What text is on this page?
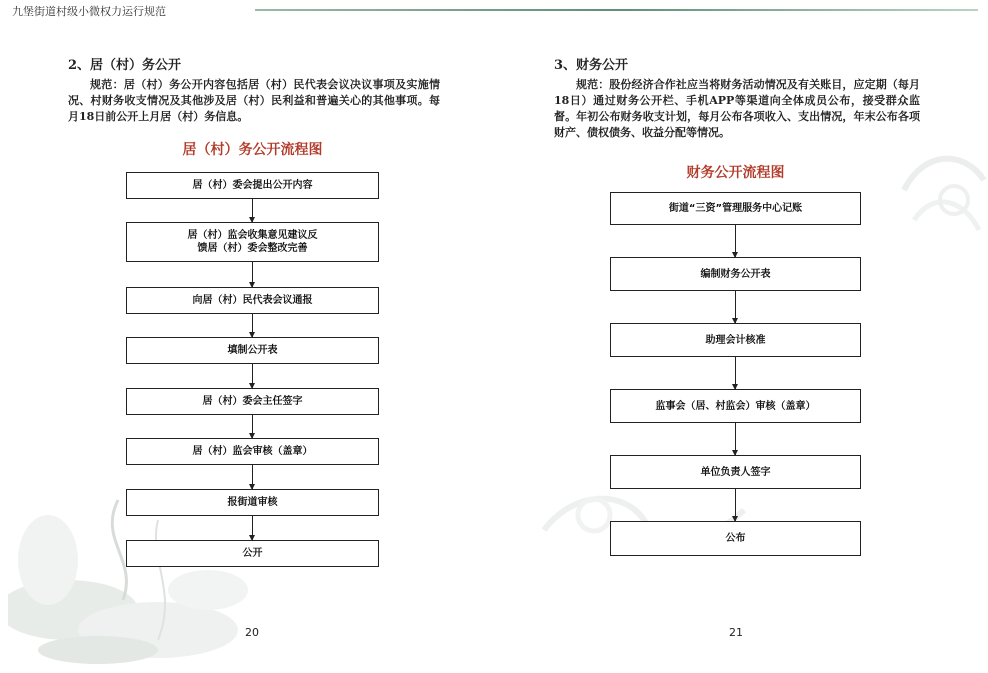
九堡街道村级小微权力运行规范
2、居（村）务公开
规范：居（村）务公开内容包括居（村）民代表会议决议事项及实施情况、村财务收支情况及其他涉及居（村）民利益和普遍关心的其他事项。每月18日前公开上月居（村）务信息。
居（村）务公开流程图
居（村）委会提出公开内容
居（村）监会收集意见建议反馈居（村）委会整改完善
向居（村）民代表会议通报
填制公开表
居（村）委会主任签字
居（村）监会审核（盖章）
报街道审核
公开
20
3、财务公开
规范：股份经济合作社应当将财务活动情况及有关账目，应定期（每月18日）通过财务公开栏、手机APP等渠道向全体成员公布，接受群众监督。年初公布财务收支计划，每月公布各项收入、支出情况，年末公布各项财产、债权债务、收益分配等情况。
财务公开流程图
街道“三资”管理服务中心记账
编制财务公开表
助理会计核准
监事会（居、村监会）审核（盖章）
单位负责人签字
公布
21
